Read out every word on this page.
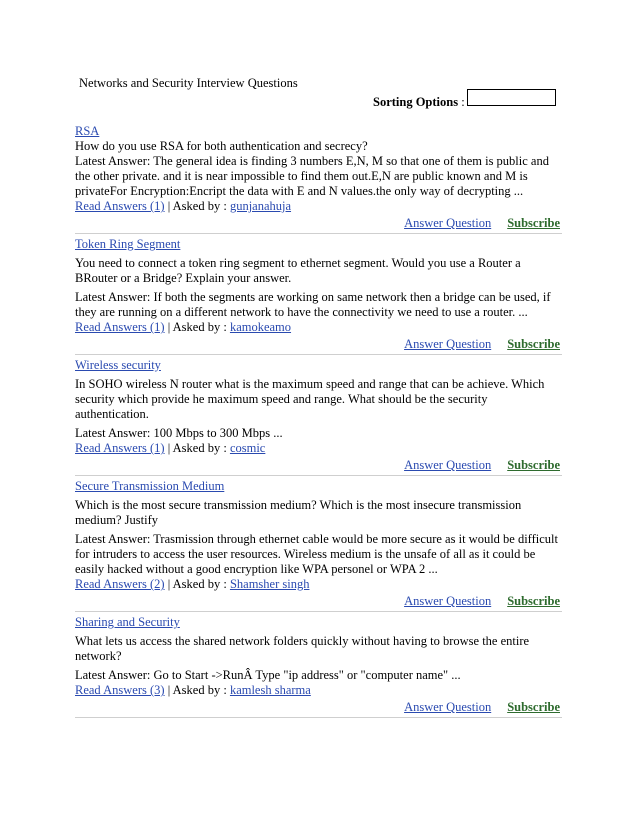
Networks and Security Interview Questions
Sorting Options :

RSA

How do you use RSA for both authentication and secrecy?

Latest Answer: The general idea is finding 3 numbers E,N, M so that one of them is public and the other private. and it is near impossible to find them out.E,N are public known and M is privateFor Encryption:Encript the data with E and N values.the only way of decrypting ...

Read Answers (1) | Asked by : gunjanahuja

Answer Question Subscribe

Token Ring Segment

You need to connect a token ring segment to ethernet segment. Would you use a Router a BRouter or a Bridge? Explain your answer.

Latest Answer: If both the segments are working on same network then a bridge can be used, if they are running on a different network to have the connectivity we need to use a router. ...

Read Answers (1) | Asked by : kamokeamo

Answer Question Subscribe

Wireless security

In SOHO wireless N router what is the maximum speed and range that can be achieve. Which security which provide he maximum speed and range. What should be the security authentication.

Latest Answer: 100 Mbps to 300 Mbps ...

Read Answers (1) | Asked by : cosmic

Answer Question Subscribe

Secure Transmission Medium

Which is the most secure transmission medium? Which is the most insecure transmission medium? Justify

Latest Answer: Trasmission through ethernet cable would be more secure as it would be difficult for intruders to access the user resources. Wireless medium is the unsafe of all as it could be easily hacked without a good encryption like WPA personel or WPA 2 ...

Read Answers (2) | Asked by : Shamsher singh

Answer Question Subscribe

Sharing and Security

What lets us access the shared network folders quickly without having to browse the entire network?

Latest Answer: Go to Start ->RunÂ Type "ip address" or "computer name" ...

Read Answers (3) | Asked by : kamlesh sharma

Answer Question Subscribe
